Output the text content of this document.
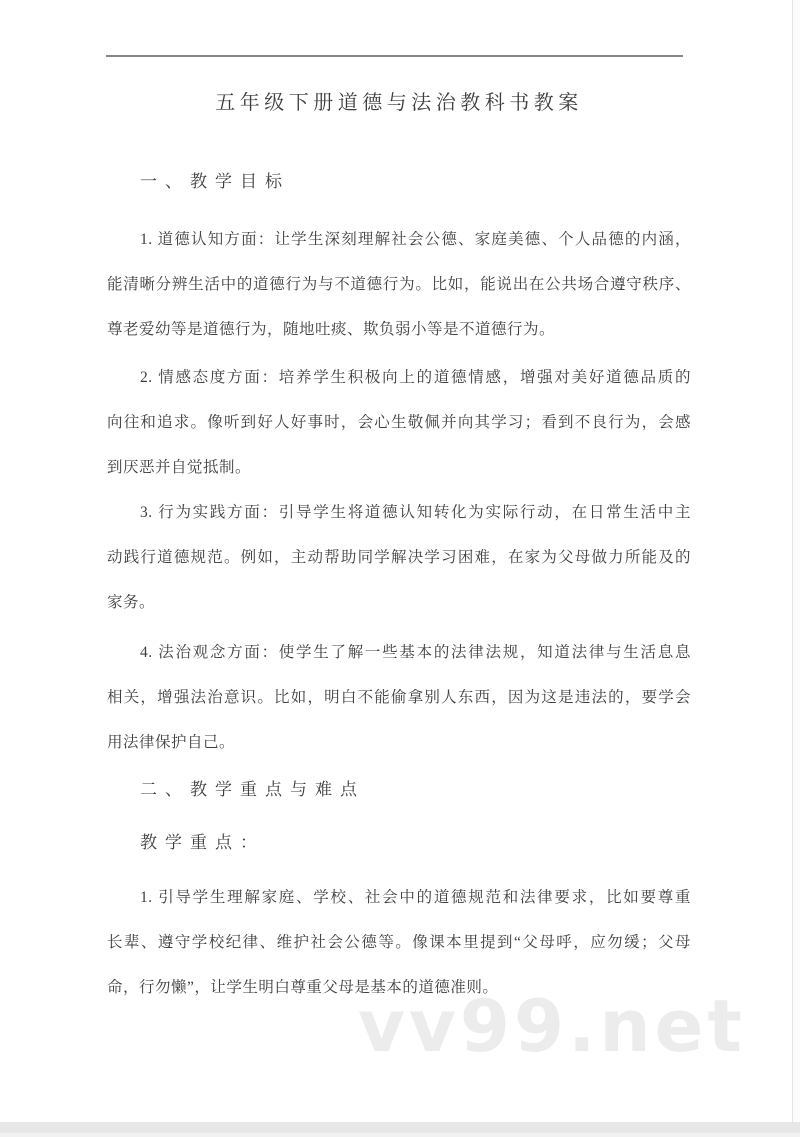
五年级下册道德与法治教科书教案
一、教学目标
1. 道德认知方面：让学生深刻理解社会公德、家庭美德、个人品德的内涵，
能清晰分辨生活中的道德行为与不道德行为。比如，能说出在公共场合遵守秩序、
尊老爱幼等是道德行为，随地吐痰、欺负弱小等是不道德行为。
2. 情感态度方面：培养学生积极向上的道德情感，增强对美好道德品质的
向往和追求。像听到好人好事时，会心生敬佩并向其学习；看到不良行为，会感
到厌恶并自觉抵制。
3. 行为实践方面：引导学生将道德认知转化为实际行动，在日常生活中主
动践行道德规范。例如，主动帮助同学解决学习困难，在家为父母做力所能及的
家务。
4. 法治观念方面：使学生了解一些基本的法律法规，知道法律与生活息息
相关，增强法治意识。比如，明白不能偷拿别人东西，因为这是违法的，要学会
用法律保护自己。
二、教学重点与难点
教学重点：
1. 引导学生理解家庭、学校、社会中的道德规范和法律要求，比如要尊重
长辈、遵守学校纪律、维护社会公德等。像课本里提到“父母呼，应勿缓；父母
命，行勿懒”，让学生明白尊重父母是基本的道德准则。
vv99.net
